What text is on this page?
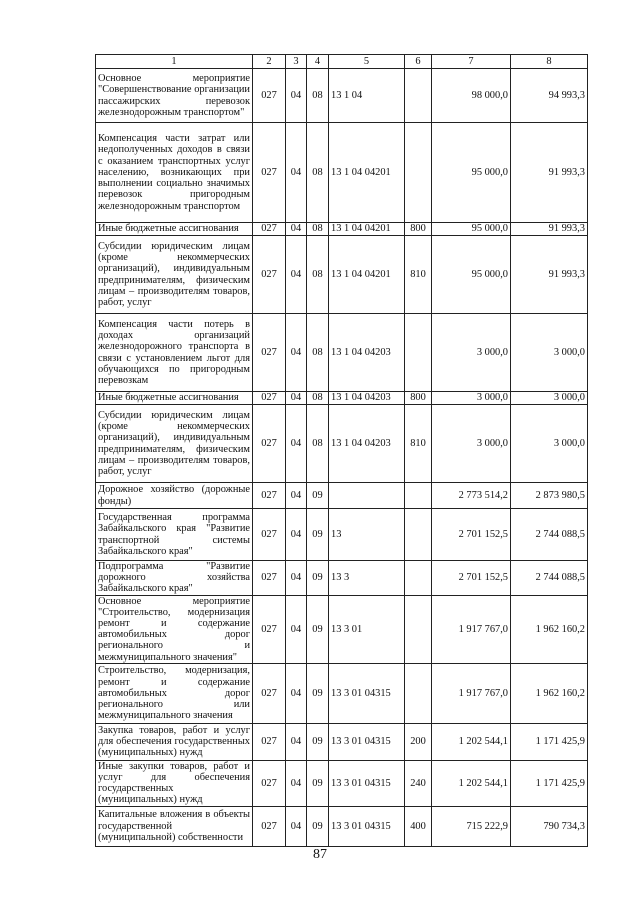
1	2	3	4	5	6	7	8
Основное мероприятие "Совершенствование организации пассажирских перевозок железнодорожным транспортом"	027	04	08	13 1 04		98 000,0	94 993,3
Компенсация части затрат или недополученных доходов в связи с оказанием транспортных услуг населению, возникающих при выполнении социально значимых перевозок пригородным железнодорожным транспортом	027	04	08	13 1 04 04201		95 000,0	91 993,3
Иные бюджетные ассигнования	027	04	08	13 1 04 04201	800	95 000,0	91 993,3
Субсидии юридическим лицам (кроме некоммерческих организаций), индивидуальным предпринимателям, физическим лицам – производителям товаров, работ, услуг	027	04	08	13 1 04 04201	810	95 000,0	91 993,3
Компенсация части потерь в доходах организаций железнодорожного транспорта в связи с установлением льгот для обучающихся по пригородным перевозкам	027	04	08	13 1 04 04203		3 000,0	3 000,0
Иные бюджетные ассигнования	027	04	08	13 1 04 04203	800	3 000,0	3 000,0
Субсидии юридическим лицам (кроме некоммерческих организаций), индивидуальным предпринимателям, физическим лицам – производителям товаров, работ, услуг	027	04	08	13 1 04 04203	810	3 000,0	3 000,0
Дорожное хозяйство (дорожные фонды)	027	04	09			2 773 514,2	2 873 980,5
Государственная программа Забайкальского края "Развитие транспортной системы Забайкальского края"	027	04	09	13		2 701 152,5	2 744 088,5
Подпрограмма "Развитие дорожного хозяйства Забайкальского края"	027	04	09	13 3		2 701 152,5	2 744 088,5
Основное мероприятие "Строительство, модернизация ремонт и содержание автомобильных дорог регионального и межмуниципального значения"	027	04	09	13 3 01		1 917 767,0	1 962 160,2
Строительство, модернизация, ремонт и содержание автомобильных дорог регионального или межмуниципального значения	027	04	09	13 3 01 04315		1 917 767,0	1 962 160,2
Закупка товаров, работ и услуг для обеспечения государственных (муниципальных) нужд	027	04	09	13 3 01 04315	200	1 202 544,1	1 171 425,9
Иные закупки товаров, работ и услуг для обеспечения государственных (муниципальных) нужд	027	04	09	13 3 01 04315	240	1 202 544,1	1 171 425,9
Капитальные вложения в объекты государственной (муниципальной) собственности	027	04	09	13 3 01 04315	400	715 222,9	790 734,3
87
